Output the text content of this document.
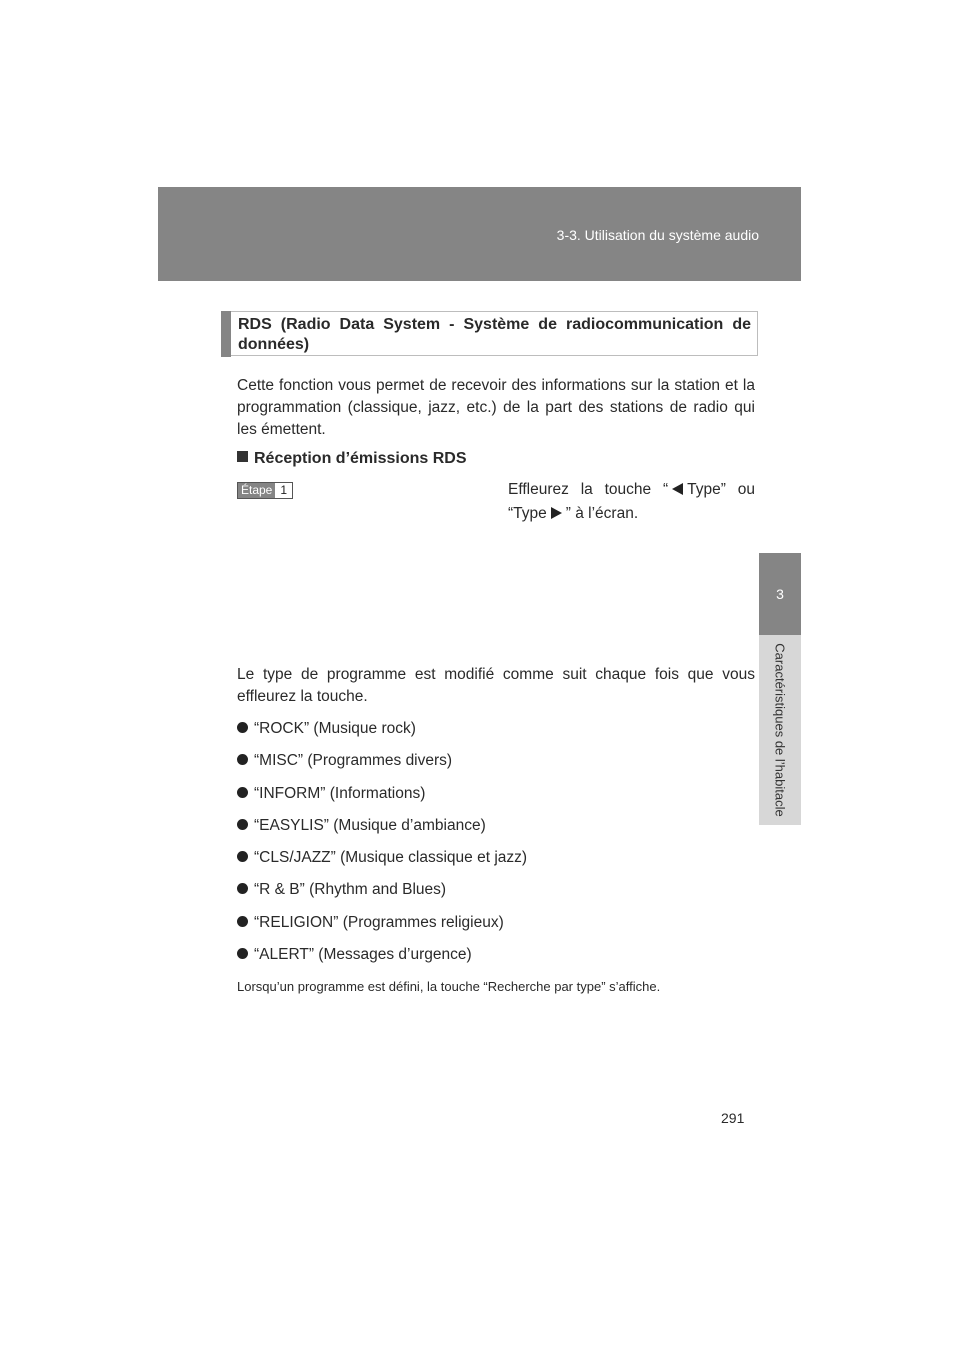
3-3. Utilisation du système audio
3
Caractéristiques de l’habitacle
RDS (Radio Data System - Système de radiocommunication de données)
Cette fonction vous permet de recevoir des informations sur la station et la programmation (classique, jazz, etc.) de la part des stations de radio qui les émettent.
Réception d’émissions RDS
Étape 1	Effleurez la touche “ Type” ou “Type ” à l’écran.
Le type de programme est modifié comme suit chaque fois que vous effleurez la touche.
“ROCK” (Musique rock)
“MISC” (Programmes divers)
“INFORM” (Informations)
“EASYLIS” (Musique d’ambiance)
“CLS/JAZZ” (Musique classique et jazz)
“R & B” (Rhythm and Blues)
“RELIGION” (Programmes religieux)
“ALERT” (Messages d’urgence)
Lorsqu’un programme est défini, la touche “Recherche par type” s’affiche.
291
